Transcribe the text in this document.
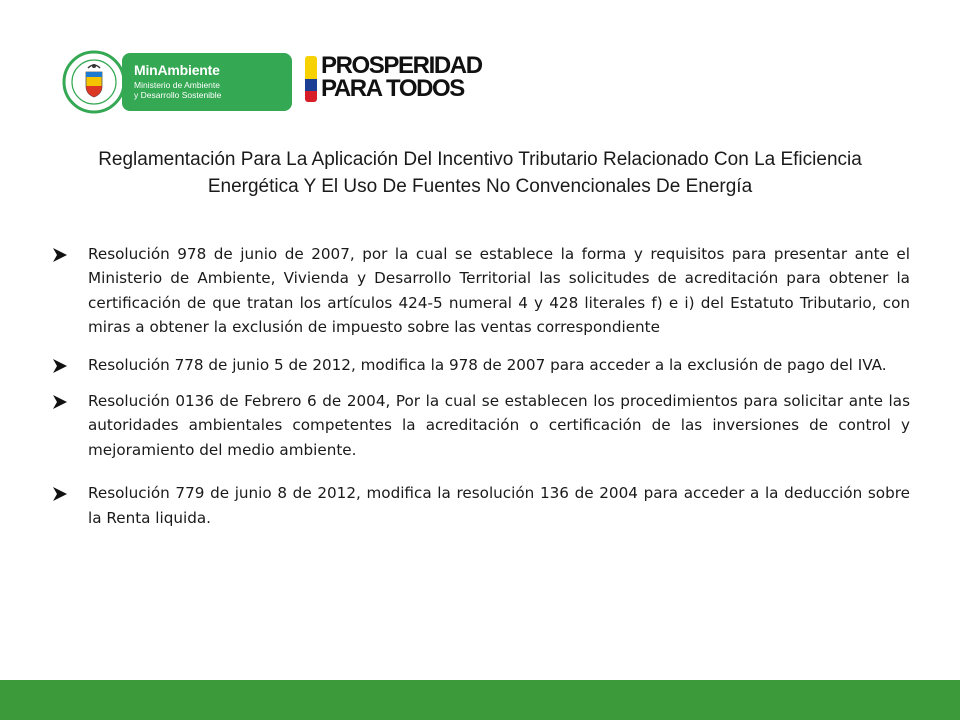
MinAmbiente
Ministerio de Ambiente
y Desarrollo Sostenible
PROSPERIDAD
PARA TODOS
Reglamentación Para La Aplicación Del Incentivo Tributario Relacionado Con La Eficiencia Energética Y El Uso De Fuentes No Convencionales De Energía
Resolución 978 de junio de 2007, por la cual se establece la forma y requisitos para presentar ante el Ministerio de Ambiente, Vivienda y Desarrollo Territorial las solicitudes de acreditación para obtener la certificación de que tratan los artículos 424-5 numeral 4 y 428 literales f) e i) del Estatuto Tributario, con miras a obtener la exclusión de impuesto sobre las ventas correspondiente
Resolución 778 de junio 5 de 2012, modifica la 978 de 2007 para acceder a la exclusión de pago del IVA.
Resolución 0136 de Febrero 6 de 2004, Por la cual se establecen los procedimientos para solicitar ante las autoridades ambientales competentes la acreditación o certificación de las inversiones de control y mejoramiento del medio ambiente.
Resolución 779 de junio 8 de 2012, modifica la resolución 136 de 2004 para acceder a la deducción sobre la Renta liquida.
